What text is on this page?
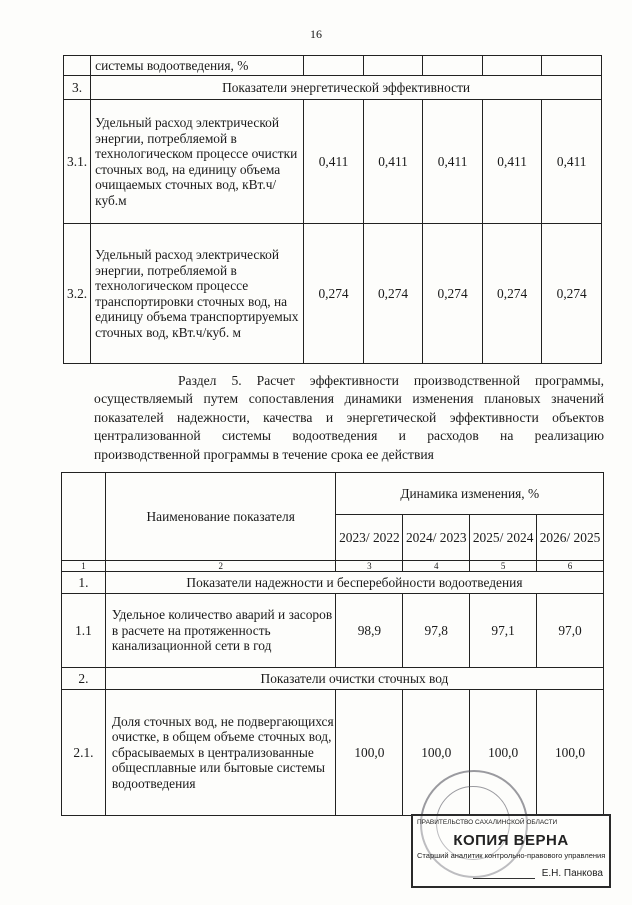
16
	системы водоотведения, %					
3.	Показатели энергетической эффективности					
3.1.	Удельный расход электрической энергии, потребляемой в технологическом процессе очистки сточных вод, на единицу объема очищаемых сточных вод, кВт.ч/куб.м	0,411	0,411	0,411	0,411	0,411
3.2.	Удельный расход электрической энергии, потребляемой в технологическом процессе транспортировки сточных вод, на единицу объема транспортируемых сточных вод, кВт.ч/куб. м	0,274	0,274	0,274	0,274	0,274
Раздел 5. Расчет эффективности производственной программы, осуществляемый путем сопоставления динамики изменения плановых значений показателей надежности, качества и энергетической эффективности объектов централизованной системы водоотведения и расходов на реализацию производственной программы в течение срока ее действия
	Наименование показателя	Динамика изменения, %			
		2023/ 2022	2024/ 2023	2025/ 2024	2026/ 2025
1	2	3	4	5	6
1.	Показатели надежности и бесперебойности водоотведения				
1.1	Удельное количество аварий и засоров в расчете на протяженность канализационной сети в год	98,9	97,8	97,1	97,0
2.	Показатели очистки сточных вод				
2.1.	Доля сточных вод, не подвергающихся очистке, в общем объеме сточных вод, сбрасываемых в централизованные общесплавные или бытовые системы водоотведения	100,0	100,0	100,0	100,0
ПРАВИТЕЛЬСТВО САХАЛИНСКОЙ ОБЛАСТИ
КОПИЯ ВЕРНА
Старший аналитик контрольно-правового управления
Е.Н. Панкова
